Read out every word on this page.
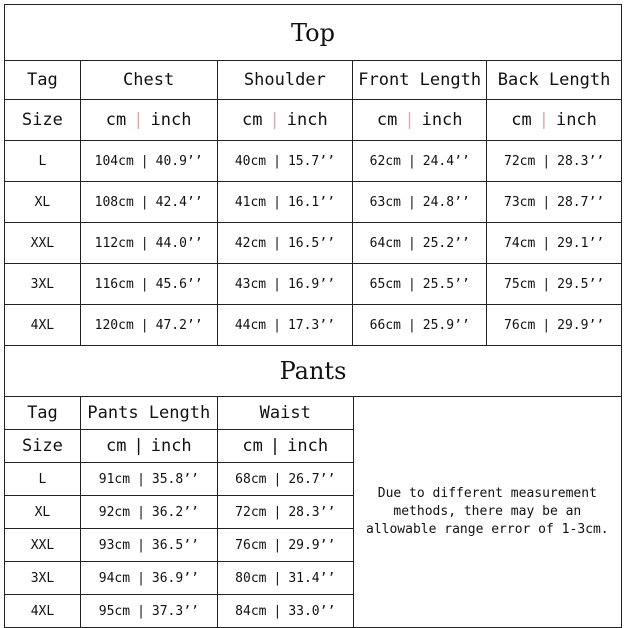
Top				
Tag	Chest	Shoulder	Front Length	Back Length
Size	cm | inch	cm | inch	cm | inch	cm | inch
L	104cm | 40.9’’	40cm | 15.7’’	62cm | 24.4’’	72cm | 28.3’’
XL	108cm | 42.4’’	41cm | 16.1’’	63cm | 24.8’’	73cm | 28.7’’
XXL	112cm | 44.0’’	42cm | 16.5’’	64cm | 25.2’’	74cm | 29.1’’
3XL	116cm | 45.6’’	43cm | 16.9’’	65cm | 25.5’’	75cm | 29.5’’
4XL	120cm | 47.2’’	44cm | 17.3’’	66cm | 25.9’’	76cm | 29.9’’
Pants			
Tag	Pants Length	Waist	Due to different measurement methods, there may be an allowable range error of 1-3cm.
Size	cm | inch	cm | inch	
L	91cm | 35.8’’	68cm | 26.7’’	
XL	92cm | 36.2’’	72cm | 28.3’’	
XXL	93cm | 36.5’’	76cm | 29.9’’	
3XL	94cm | 36.9’’	80cm | 31.4’’	
4XL	95cm | 37.3’’	84cm | 33.0’’	
